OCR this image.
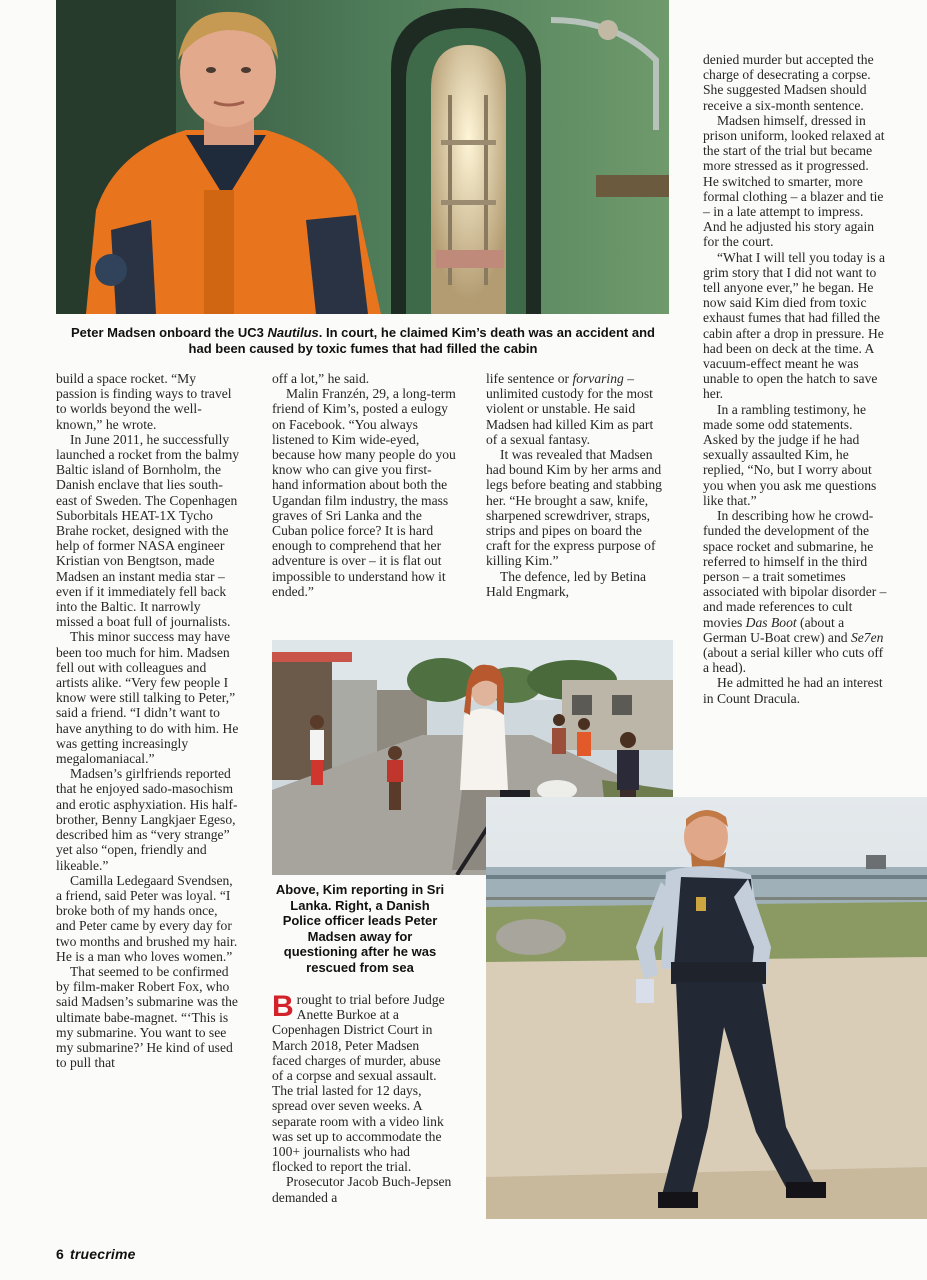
Peter Madsen onboard the UC3 Nautilus. In court, he claimed Kim’s death was an accident and had been caused by toxic fumes that had filled the cabin

build a space rocket. “My passion is finding ways to travel to worlds beyond the well-known,” he wrote.

In June 2011, he successfully launched a rocket from the balmy Baltic island of Bornholm, the Danish enclave that lies south-east of Sweden. The Copenhagen Suborbitals HEAT-1X Tycho Brahe rocket, designed with the help of former NASA engineer Kristian von Bengtson, made Madsen an instant media star – even if it immediately fell back into the Baltic. It narrowly missed a boat full of journalists.

This minor success may have been too much for him. Madsen fell out with colleagues and artists alike. “Very few people I know were still talking to Peter,” said a friend. “I didn’t want to have anything to do with him. He was getting increasingly megalomaniacal.”

Madsen’s girlfriends reported that he enjoyed sado-masochism and erotic asphyxiation. His half-brother, Benny Langkjaer Egeso, described him as “very strange” yet also “open, friendly and likeable.”

Camilla Ledegaard Svendsen, a friend, said Peter was loyal. “I broke both of my hands once, and Peter came by every day for two months and brushed my hair. He is a man who loves women.”

That seemed to be confirmed by film-maker Robert Fox, who said Madsen’s submarine was the ultimate babe-magnet. “‘This is my submarine. You want to see my submarine?’ He kind of used to pull that

off a lot,” he said.

Malin Franzén, 29, a long-term friend of Kim’s, posted a eulogy on Facebook. “You always listened to Kim wide-eyed, because how many people do you know who can give you first-hand information about both the Ugandan film industry, the mass graves of Sri Lanka and the Cuban police force? It is hard enough to comprehend that her adventure is over – it is flat out impossible to understand how it ended.”

life sentence or forvaring – unlimited custody for the most violent or unstable. He said Madsen had killed Kim as part of a sexual fantasy.

It was revealed that Madsen had bound Kim by her arms and legs before beating and stabbing her. “He brought a saw, knife, sharpened screwdriver, straps, strips and pipes on board the craft for the express purpose of killing Kim.”

The defence, led by Betina Hald Engmark,

denied murder but accepted the charge of desecrating a corpse. She suggested Madsen should receive a six-month sentence.

Madsen himself, dressed in prison uniform, looked relaxed at the start of the trial but became more stressed as it progressed. He switched to smarter, more formal clothing – a blazer and tie – in a late attempt to impress. And he adjusted his story again for the court.

“What I will tell you today is a grim story that I did not want to tell anyone ever,” he began. He now said Kim died from toxic exhaust fumes that had filled the cabin after a drop in pressure. He had been on deck at the time. A vacuum-effect meant he was unable to open the hatch to save her.

In a rambling testimony, he made some odd statements. Asked by the judge if he had sexually assaulted Kim, he replied, “No, but I worry about you when you ask me questions like that.”

In describing how he crowd-funded the development of the space rocket and submarine, he referred to himself in the third person – a trait sometimes associated with bipolar disorder – and made references to cult movies Das Boot (about a German U-Boat crew) and Se7en (about a serial killer who cuts off a head).

He admitted he had an interest in Count Dracula.

Above, Kim reporting in Sri Lanka. Right, a Danish Police officer leads Peter Madsen away for questioning after he was rescued from sea

Brought to trial before Judge Anette Burkoe at a Copenhagen District Court in March 2018, Peter Madsen faced charges of murder, abuse of a corpse and sexual assault. The trial lasted for 12 days, spread over seven weeks. A separate room with a video link was set up to accommodate the 100+ journalists who had flocked to report the trial.

Prosecutor Jacob Buch-Jepsen demanded a

6 truecrime
